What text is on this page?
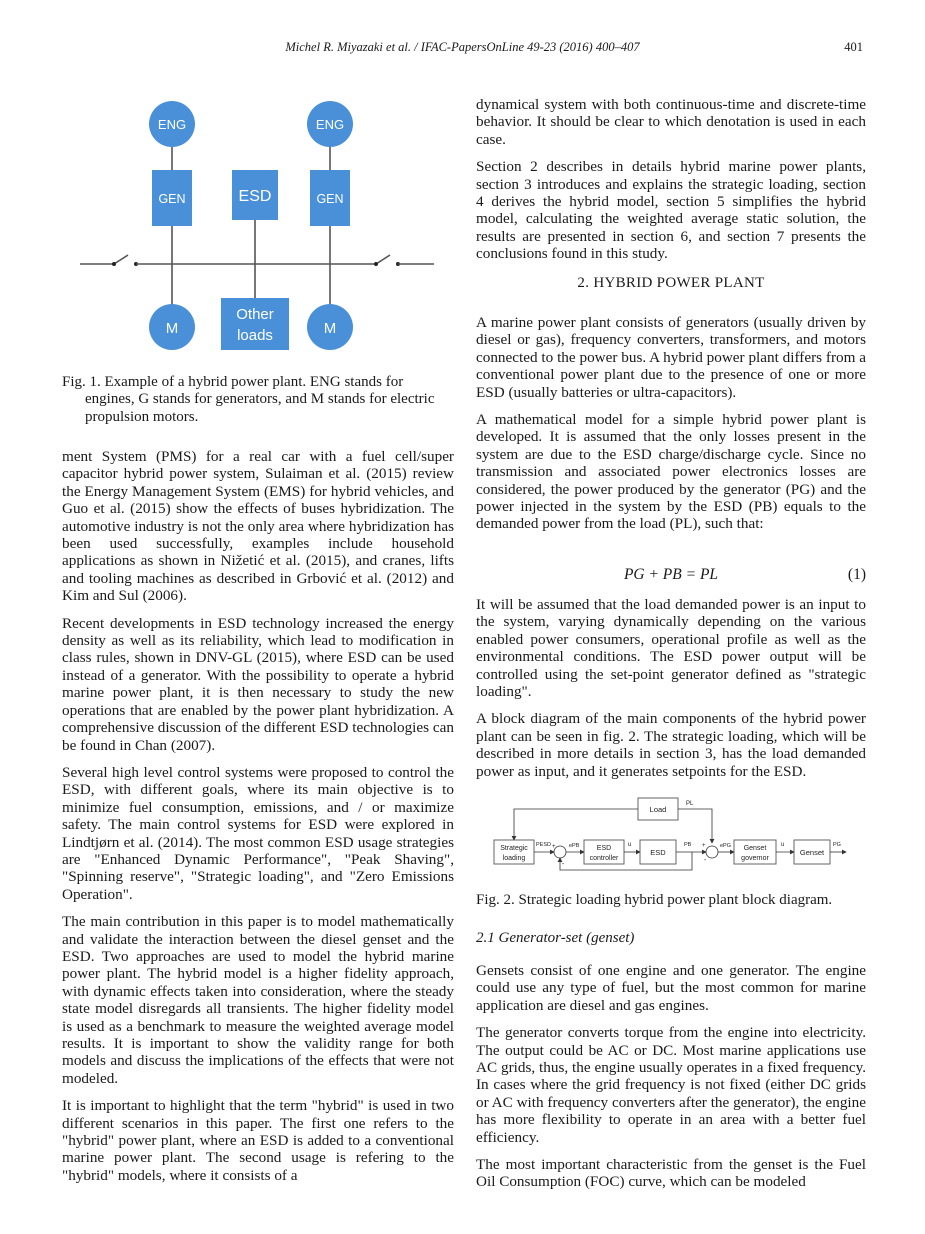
Michel R. Miyazaki et al. / IFAC-PapersOnLine 49-23 (2016) 400–407	401
ENG	ENG
GEN	GEN
ESD
M	M
Other
loads
Fig. 1. Example of a hybrid power plant. ENG stands for engines, G stands for generators, and M stands for electric propulsion motors.

ment System (PMS) for a real car with a fuel cell/super capacitor hybrid power system, Sulaiman et al. (2015) review the Energy Management System (EMS) for hybrid vehicles, and Guo et al. (2015) show the effects of buses hybridization. The automotive industry is not the only area where hybridization has been used successfully, examples include household applications as shown in Nižetić et al. (2015), and cranes, lifts and tooling machines as described in Grbović et al. (2012) and Kim and Sul (2006).

Recent developments in ESD technology increased the energy density as well as its reliability, which lead to modification in class rules, shown in DNV-GL (2015), where ESD can be used instead of a generator. With the possibility to operate a hybrid marine power plant, it is then necessary to study the new operations that are enabled by the power plant hybridization. A comprehensive discussion of the different ESD technologies can be found in Chan (2007).

Several high level control systems were proposed to control the ESD, with different goals, where its main objective is to minimize fuel consumption, emissions, and / or maximize safety. The main control systems for ESD were explored in Lindtjørn et al. (2014). The most common ESD usage strategies are "Enhanced Dynamic Performance", "Peak Shaving", "Spinning reserve", "Strategic loading", and "Zero Emissions Operation".

The main contribution in this paper is to model mathematically and validate the interaction between the diesel genset and the ESD. Two approaches are used to model the hybrid marine power plant. The hybrid model is a higher fidelity approach, with dynamic effects taken into consideration, where the steady state model disregards all transients. The higher fidelity model is used as a benchmark to measure the weighted average model results. It is important to show the validity range for both models and discuss the implications of the effects that were not modeled.

It is important to highlight that the term "hybrid" is used in two different scenarios in this paper. The first one refers to the "hybrid" power plant, where an ESD is added to a conventional marine power plant. The second usage is refering to the "hybrid" models, where it consists of a

dynamical system with both continuous-time and discrete-time behavior. It should be clear to which denotation is used in each case.

Section 2 describes in details hybrid marine power plants, section 3 introduces and explains the strategic loading, section 4 derives the hybrid model, section 5 simplifies the hybrid model, calculating the weighted average static solution, the results are presented in section 6, and section 7 presents the conclusions found in this study.

2. HYBRID POWER PLANT

A marine power plant consists of generators (usually driven by diesel or gas), frequency converters, transformers, and motors connected to the power bus. A hybrid power plant differs from a conventional power plant due to the presence of one or more ESD (usually batteries or ultra-capacitors).

A mathematical model for a simple hybrid power plant is developed. It is assumed that the only losses present in the system are due to the ESD charge/discharge cycle. Since no transmission and associated power electronics losses are considered, the power produced by the generator (PG) and the power injected in the system by the ESD (PB) equals to the demanded power from the load (PL), such that:

PG + PB = PL	(1)

It will be assumed that the load demanded power is an input to the system, varying dynamically depending on the various enabled power consumers, operational profile as well as the environmental conditions. The ESD power output will be controlled using the set-point generator defined as "strategic loading".

A block diagram of the main components of the hybrid power plant can be seen in fig. 2. The strategic loading, which will be described in more details in section 3, has the load demanded power as input, and it generates setpoints for the ESD.

Load
PL
Strategic
loading
PESD +
-
ePB ESD
controller
u
ESD
PB +
-
ePG Genset
governor
u
Genset
PG
Fig. 2. Strategic loading hybrid power plant block diagram.
2.1 Generator-set (genset)

Gensets consist of one engine and one generator. The engine could use any type of fuel, but the most common for marine application are diesel and gas engines.

The generator converts torque from the engine into electricity. The output could be AC or DC. Most marine applications use AC grids, thus, the engine usually operates in a fixed frequency. In cases where the grid frequency is not fixed (either DC grids or AC with frequency converters after the generator), the engine has more flexibility to operate in an area with a better fuel efficiency.

The most important characteristic from the genset is the Fuel Oil Consumption (FOC) curve, which can be modeled
